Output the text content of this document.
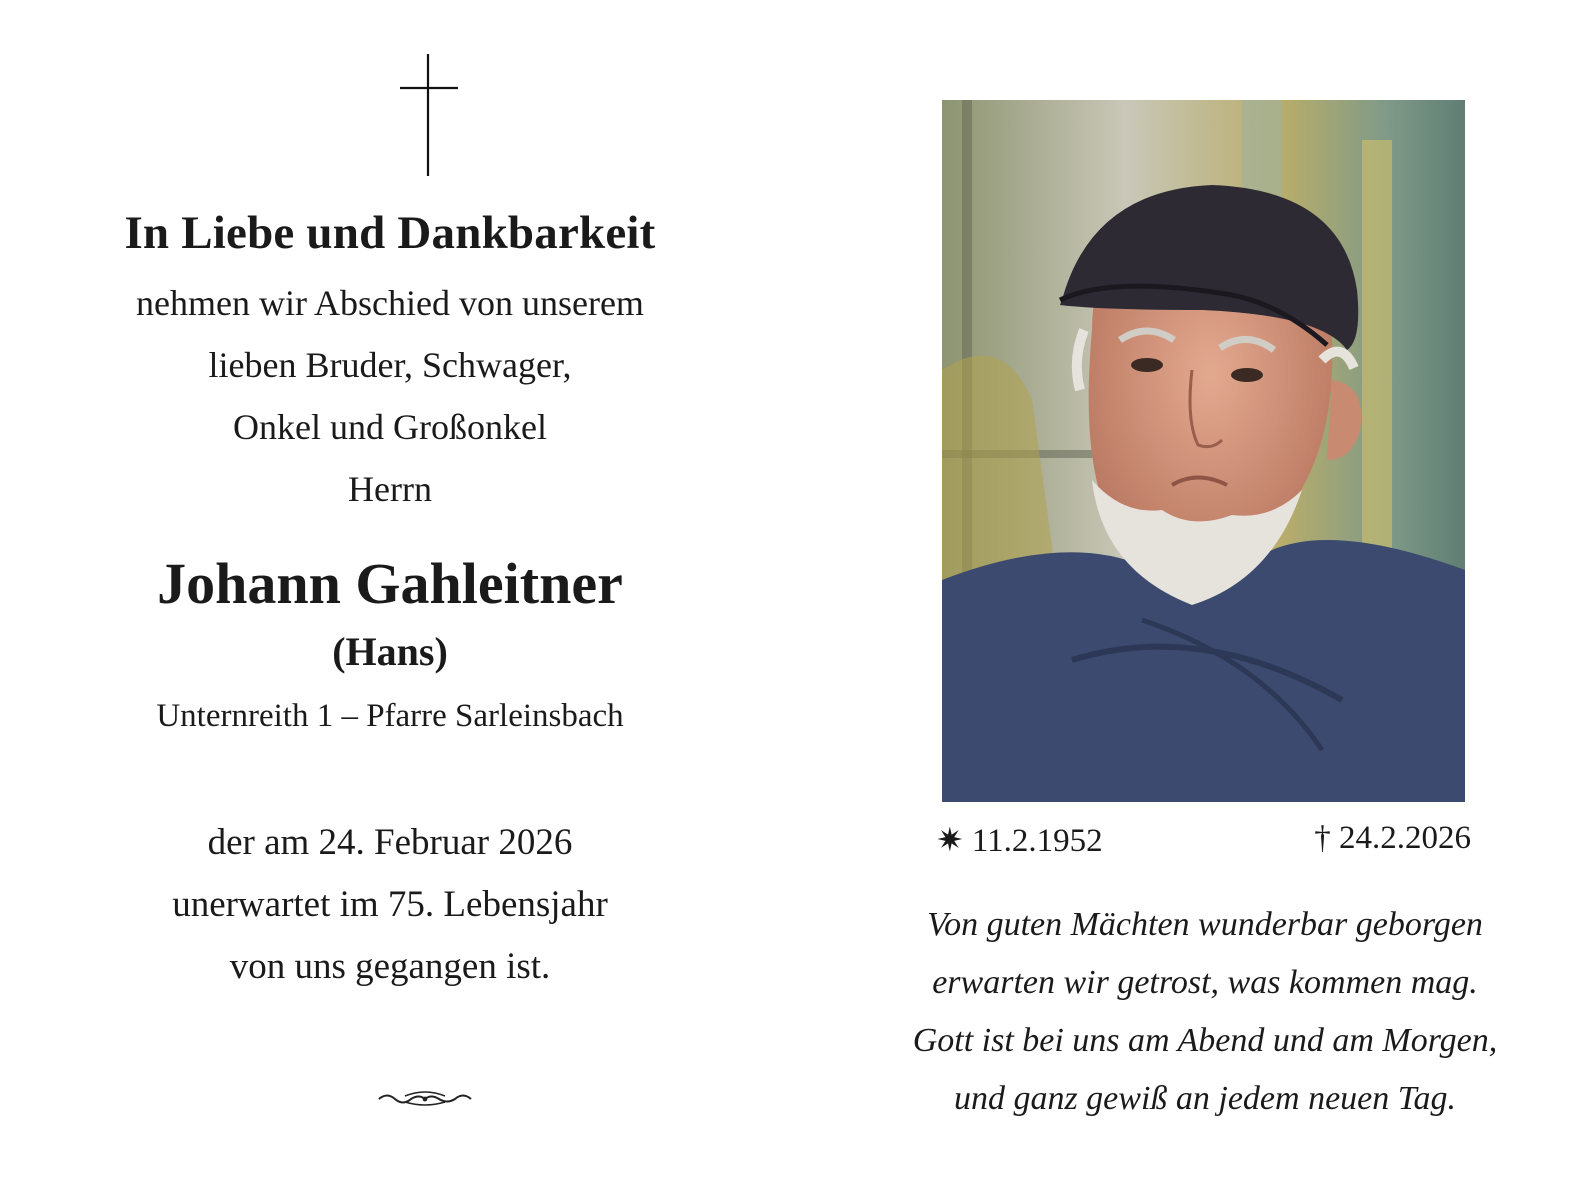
In Liebe und Dankbarkeit
nehmen wir Abschied von unserem
lieben Bruder, Schwager,
Onkel und Großonkel
Herrn
Johann Gahleitner
(Hans)
Unternreith 1 – Pfarre Sarleinsbach
der am 24. Februar 2026
unerwartet im 75. Lebensjahr
von uns gegangen ist.
✷ 11.2.1952	† 24.2.2026
Von guten Mächten wunderbar geborgen
erwarten wir getrost, was kommen mag.
Gott ist bei uns am Abend und am Morgen,
und ganz gewiß an jedem neuen Tag.
